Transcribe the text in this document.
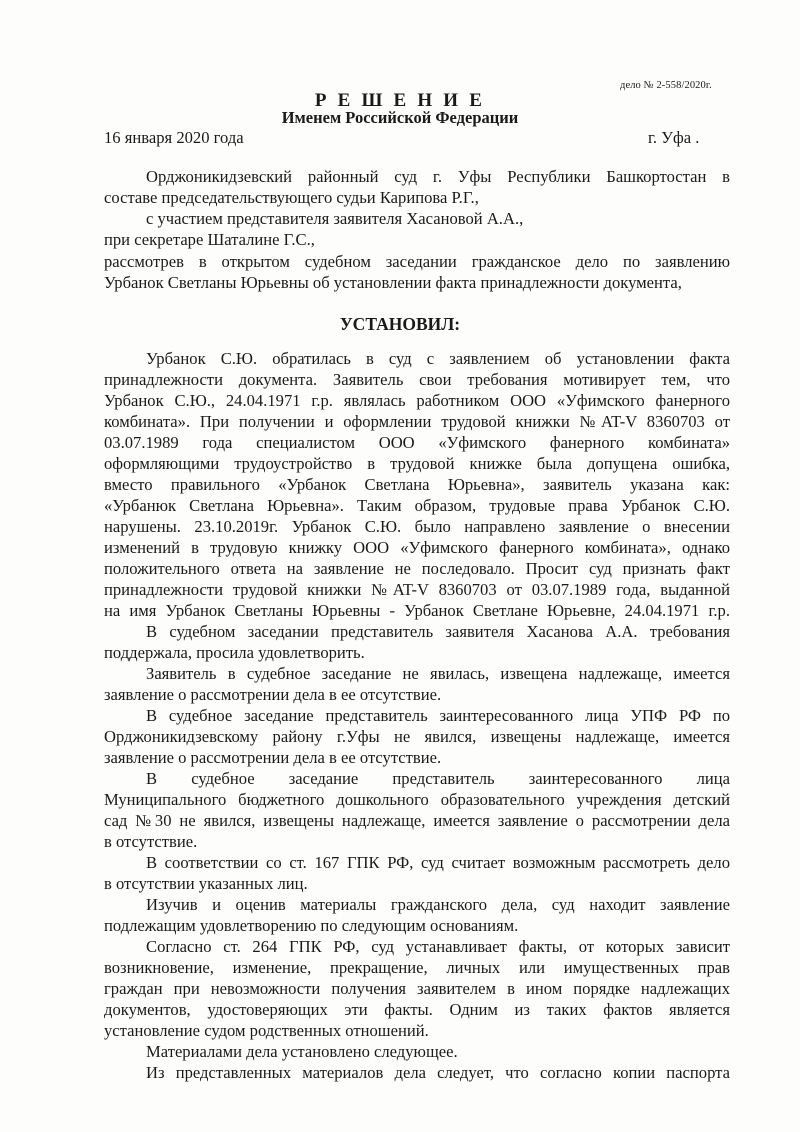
дело № 2-558/2020г.
Р Е Ш Е Н И Е
Именем Российской Федерации
16 января 2020 года	г. Уфа .
Орджоникидзевский районный суд г. Уфы Республики Башкортостан в
составе председательствующего судьи Карипова Р.Г.,
с участием представителя заявителя Хасановой А.А.,
при секретаре Шаталине Г.С.,
рассмотрев в открытом судебном заседании гражданское дело по заявлению
Урбанок Светланы Юрьевны об установлении факта принадлежности документа,
УСТАНОВИЛ:
Урбанок С.Ю. обратилась в суд с заявлением об установлении факта
принадлежности документа. Заявитель свои требования мотивирует тем, что
Урбанок С.Ю., 24.04.1971 г.р. являлась работником ООО «Уфимского фанерного
комбината». При получении и оформлении трудовой книжки №AT-V 8360703 от
03.07.1989 года специалистом ООО «Уфимского фанерного комбината»
оформляющими трудоустройство в трудовой книжке была допущена ошибка,
вместо правильного «Урбанок Светлана Юрьевна», заявитель указана как:
«Урбанюк Светлана Юрьевна». Таким образом, трудовые права Урбанок С.Ю.
нарушены. 23.10.2019г. Урбанок С.Ю. было направлено заявление о внесении
изменений в трудовую книжку ООО «Уфимского фанерного комбината», однако
положительного ответа на заявление не последовало. Просит суд признать факт
принадлежности трудовой книжки №AT-V 8360703 от 03.07.1989 года, выданной
на имя Урбанок Светланы Юрьевны - Урбанок Светлане Юрьевне, 24.04.1971 г.р.
В судебном заседании представитель заявителя Хасанова А.А. требования
поддержала, просила удовлетворить.
Заявитель в судебное заседание не явилась, извещена надлежаще, имеется
заявление о рассмотрении дела в ее отсутствие.
В судебное заседание представитель заинтересованного лица УПФ РФ по
Орджоникидзевскому району г.Уфы не явился, извещены надлежаще, имеется
заявление о рассмотрении дела в ее отсутствие.
В судебное заседание представитель заинтересованного лица
Муниципального бюджетного дошкольного образовательного учреждения детский
сад №30 не явился, извещены надлежаще, имеется заявление о рассмотрении дела
в отсутствие.
В соответствии со ст. 167 ГПК РФ, суд считает возможным рассмотреть дело
в отсутствии указанных лиц.
Изучив и оценив материалы гражданского дела, суд находит заявление
подлежащим удовлетворению по следующим основаниям.
Согласно ст. 264 ГПК РФ, суд устанавливает факты, от которых зависит
возникновение, изменение, прекращение, личных или имущественных прав
граждан при невозможности получения заявителем в ином порядке надлежащих
документов, удостоверяющих эти факты. Одним из таких фактов является
установление судом родственных отношений.
Материалами дела установлено следующее.
Из представленных материалов дела следует, что согласно копии паспорта
